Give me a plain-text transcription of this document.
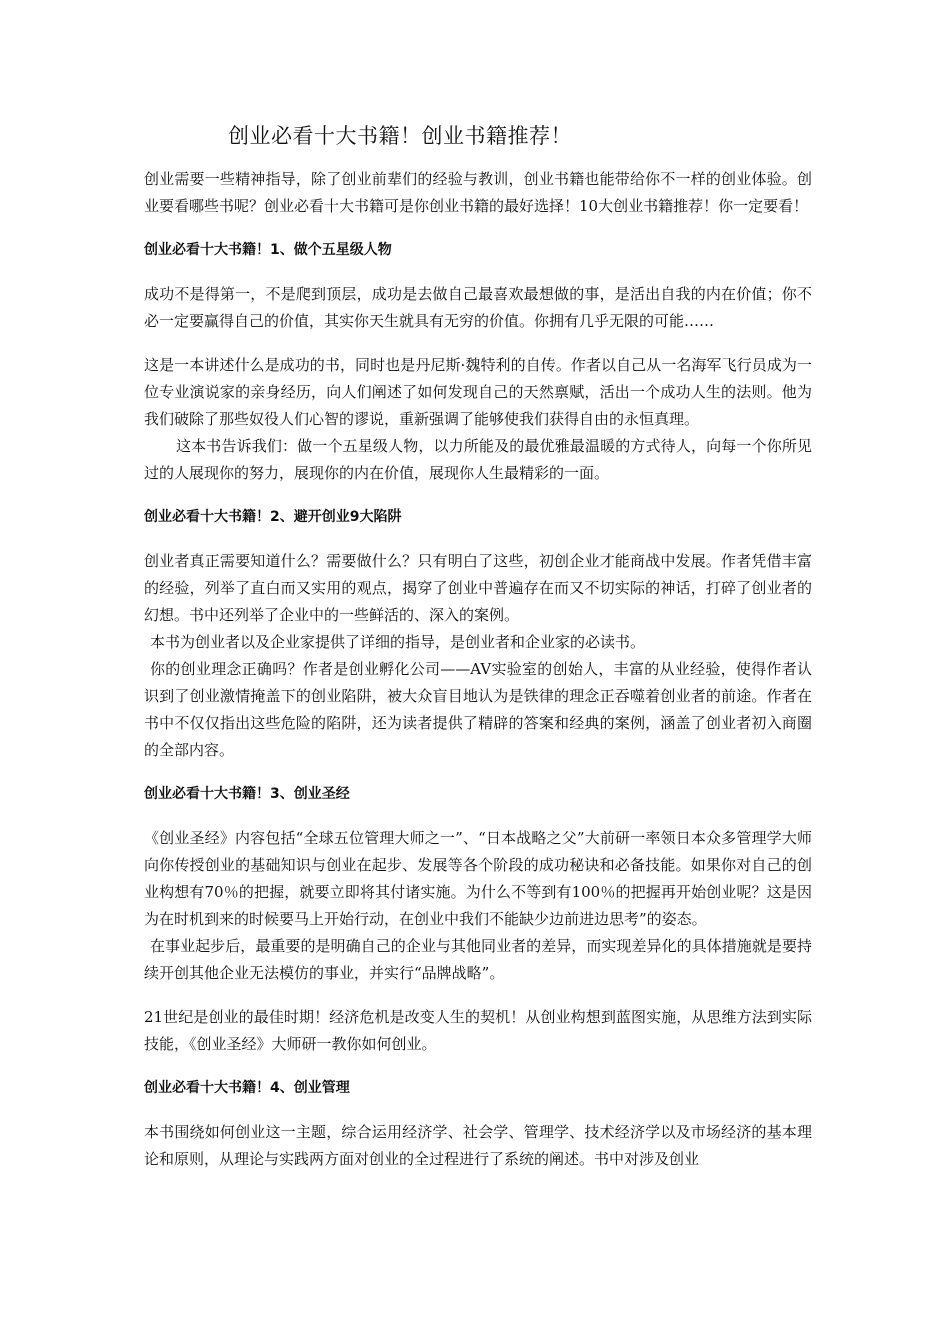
创业必看十大书籍！创业书籍推荐！

创业需要一些精神指导，除了创业前辈们的经验与教训，创业书籍也能带给你不一样的创业体验。创业要看哪些书呢？创业必看十大书籍可是你创业书籍的最好选择！10大创业书籍推荐！你一定要看！

创业必看十大书籍！1、做个五星级人物

成功不是得第一，不是爬到顶层，成功是去做自己最喜欢最想做的事，是活出自我的内在价值；你不必一定要赢得自己的价值，其实你天生就具有无穷的价值。你拥有几乎无限的可能……

这是一本讲述什么是成功的书，同时也是丹尼斯·魏特利的自传。作者以自己从一名海军飞行员成为一位专业演说家的亲身经历，向人们阐述了如何发现自己的天然禀赋，活出一个成功人生的法则。他为我们破除了那些奴役人们心智的谬说，重新强调了能够使我们获得自由的永恒真理。

这本书告诉我们：做一个五星级人物，以力所能及的最优雅最温暖的方式待人，向每一个你所见过的人展现你的努力，展现你的内在价值，展现你人生最精彩的一面。

创业必看十大书籍！2、避开创业9大陷阱

创业者真正需要知道什么？需要做什么？只有明白了这些，初创企业才能商战中发展。作者凭借丰富的经验，列举了直白而又实用的观点，揭穿了创业中普遍存在而又不切实际的神话，打碎了创业者的幻想。书中还列举了企业中的一些鲜活的、深入的案例。

本书为创业者以及企业家提供了详细的指导，是创业者和企业家的必读书。

你的创业理念正确吗？作者是创业孵化公司——AV实验室的创始人，丰富的从业经验，使得作者认识到了创业激情掩盖下的创业陷阱，被大众盲目地认为是铁律的理念正吞噬着创业者的前途。作者在书中不仅仅指出这些危险的陷阱，还为读者提供了精辟的答案和经典的案例，涵盖了创业者初入商圈的全部内容。

创业必看十大书籍！3、创业圣经

《创业圣经》内容包括“全球五位管理大师之一”、“日本战略之父”大前研一率领日本众多管理学大师向你传授创业的基础知识与创业在起步、发展等各个阶段的成功秘诀和必备技能。如果你对自己的创业构想有70％的把握，就要立即将其付诸实施。为什么不等到有100％的把握再开始创业呢？这是因为在时机到来的时候要马上开始行动，在创业中我们不能缺少边前进边思考”的姿态。

在事业起步后，最重要的是明确自己的企业与其他同业者的差异，而实现差异化的具体措施就是要持续开创其他企业无法模仿的事业，并实行“品牌战略”。

21世纪是创业的最佳时期！经济危机是改变人生的契机！从创业构想到蓝图实施，从思维方法到实际技能，《创业圣经》大师研一教你如何创业。

创业必看十大书籍！4、创业管理

本书围绕如何创业这一主题，综合运用经济学、社会学、管理学、技术经济学以及市场经济的基本理论和原则，从理论与实践两方面对创业的全过程进行了系统的阐述。书中对涉及创业
